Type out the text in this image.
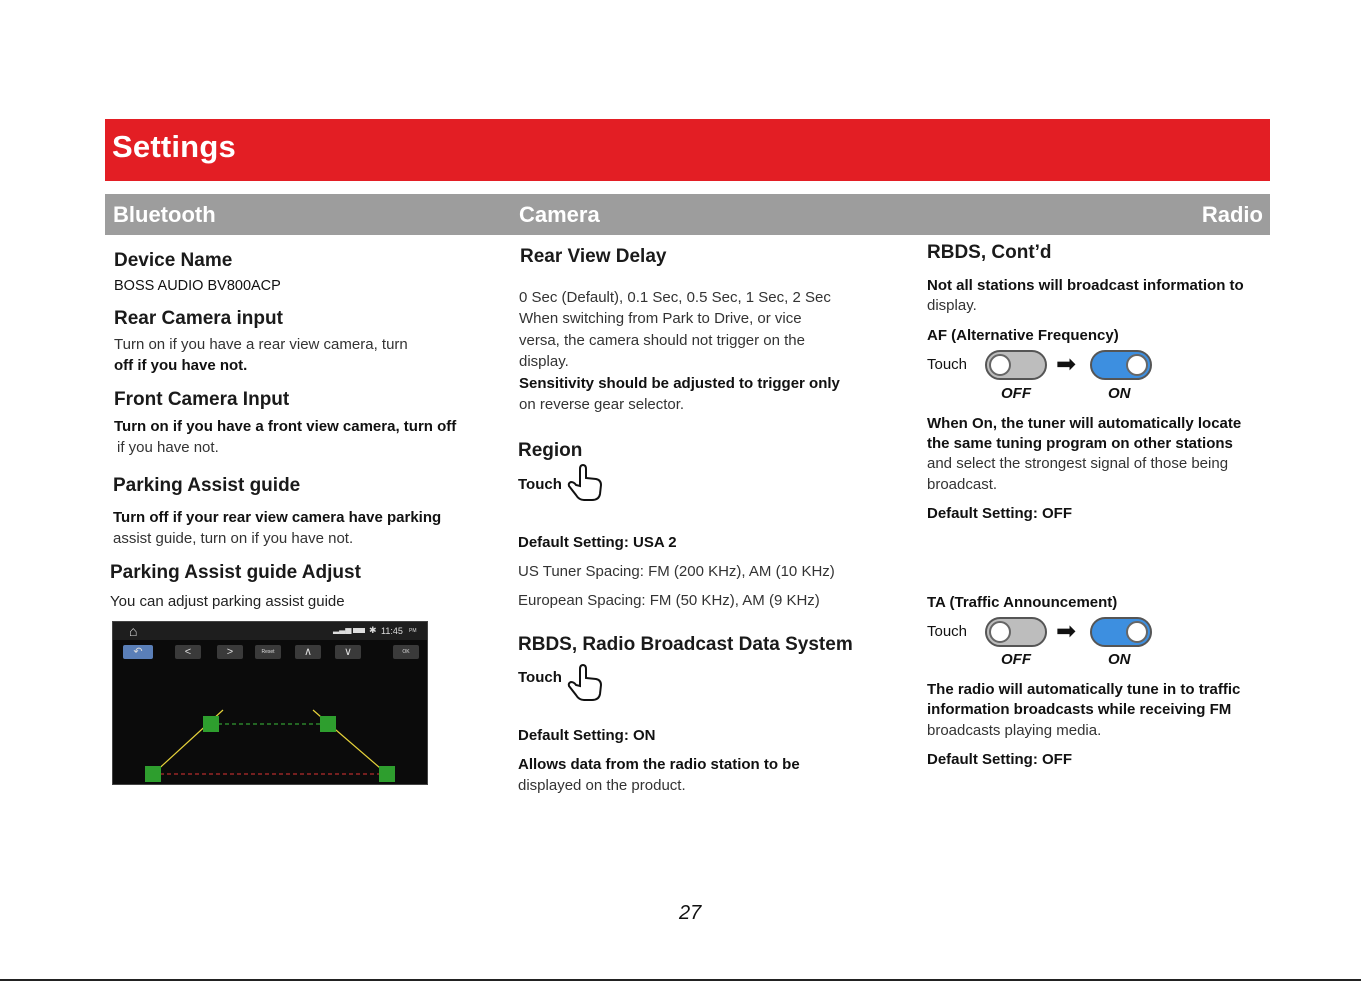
Settings
Bluetooth	Camera	Radio
Device Name
BOSS AUDIO BV800ACP
Rear Camera input
Turn on if you have a rear view camera, turn
off if you have not.
Front Camera Input
Turn on if you have a front view camera, turn off
if you have not.
Parking Assist guide
Turn off if your rear view camera have parking
assist guide, turn on if you have not.
Parking Assist guide Adjust
You can adjust parking assist guide
⌂	▂▃▅ ✱ 11:45 PM
↶	<	>	Reset	∧	∨	OK
Rear View Delay
0 Sec (Default), 0.1 Sec, 0.5 Sec, 1 Sec, 2 Sec
When switching from Park to Drive, or vice
versa, the camera should not trigger on the
display.
Sensitivity should be adjusted to trigger only
on reverse gear selector.
Region
Touch
Default Setting: USA 2
US Tuner Spacing: FM (200 KHz), AM (10 KHz)
European Spacing: FM (50 KHz), AM (9 KHz)
RBDS, Radio Broadcast Data System
Touch
Default Setting: ON
Allows data from the radio station to be
displayed on the product.
RBDS, Cont’d
Not all stations will broadcast information to
display.
AF (Alternative Frequency)
Touch	➡
OFF	ON
When On, the tuner will automatically locate
the same tuning program on other stations
and select the strongest signal of those being
broadcast.
Default Setting: OFF
TA (Traffic Announcement)
Touch	➡
OFF	ON
The radio will automatically tune in to traffic
information broadcasts while receiving FM
broadcasts playing media.
Default Setting: OFF
27
